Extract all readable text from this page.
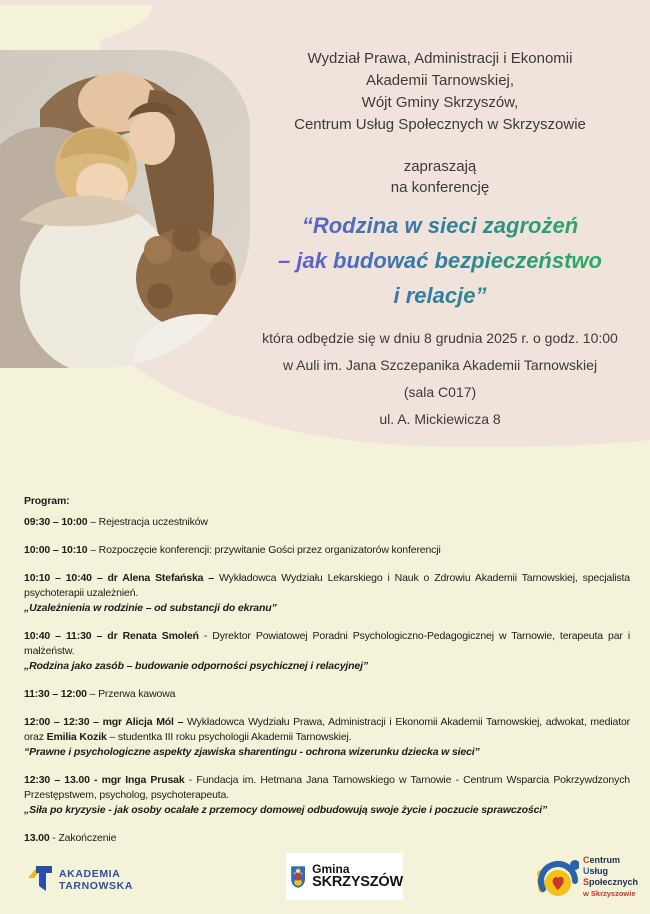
Wydział Prawa, Administracji i Ekonomii

Akademii Tarnowskiej,

Wójt Gminy Skrzyszów,

Centrum Usług Społecznych w Skrzyszowie

zapraszają

na konferencję

“Rodzina w sieci zagrożeń
– jak budować bezpieczeństwo
i relacje”

która odbędzie się w dniu 8 grudnia 2025 r. o godz. 10:00

w Auli im. Jana Szczepanika Akademii Tarnowskiej

(sala C017)

ul. A. Mickiewicza 8

Program:

09:30 – 10:00 – Rejestracja uczestników

10:00 – 10:10 – Rozpoczęcie konferencji: przywitanie Gości przez organizatorów konferencji

10:10 – 10:40 – dr Alena Stefańska – Wykładowca Wydziału Lekarskiego i Nauk o Zdrowiu Akademii Tarnowskiej, specjalista psychoterapii uzależnień.

„Uzależnienia w rodzinie – od substancji do ekranu”

10:40 – 11:30 – dr Renata Smoleń - Dyrektor Powiatowej Poradni Psychologiczno-Pedagogicznej w Tarnowie, terapeuta par i małżeństw.

„Rodzina jako zasób – budowanie odporności psychicznej i relacyjnej”

11:30 – 12:00 – Przerwa kawowa

12:00 – 12:30 – mgr Alicja Mól – Wykładowca Wydziału Prawa, Administracji i Ekonomii Akademii Tarnowskiej, adwokat, mediator oraz Emilia Kozik – studentka III roku psychologii Akademii Tarnowskiej.

“Prawne i psychologiczne aspekty zjawiska sharentingu - ochrona wizerunku dziecka w sieci”

12:30 – 13.00 - mgr Inga Prusak - Fundacja im. Hetmana Jana Tarnowskiego w Tarnowie - Centrum Wsparcia Pokrzywdzonych Przestępstwem, psycholog, psychoterapeuta.

„Siła po kryzysie - jak osoby ocalałe z przemocy domowej odbudowują swoje życie i poczucie sprawczości”

13.00 - Zakończenie

AKADEMIA
TARNOWSKA
Gmina
SKRZYSZÓW

Centrum

Usług

Społecznych

w Skrzyszowie
